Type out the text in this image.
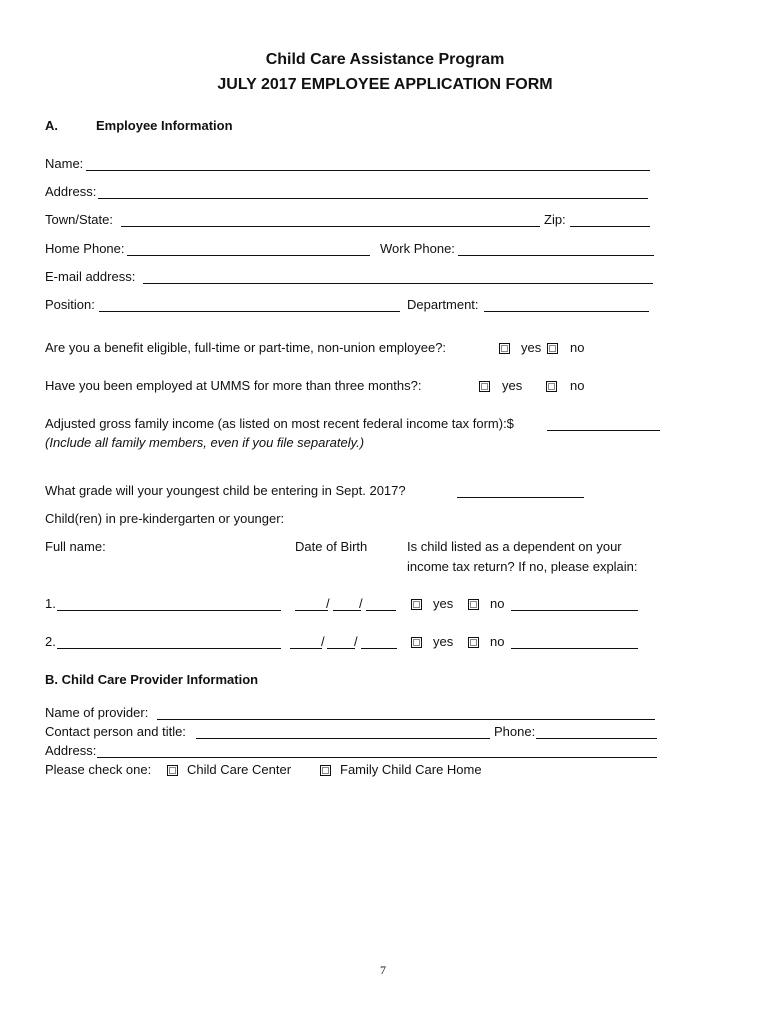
Child Care Assistance Program
JULY 2017 EMPLOYEE APPLICATION FORM
A.	Employee Information
Name:
Address:
Town/State:	Zip:
Home Phone:	Work Phone:
E-mail address:
Position:	Department:
Are you a benefit eligible, full-time or part-time, non-union employee?:	yes no
Have you been employed at UMMS for more than three months?:	yes	no
Adjusted gross family income (as listed on most recent federal income tax form):$
(Include all family members, even if you file separately.)
What grade will your youngest child be entering in Sept. 2017?
Child(ren) in pre-kindergarten or younger:
Full name:	Date of Birth	Is child listed as a dependent on your
income tax return? If no, please explain:
1.	/ /	yes	no
2.	/ /	yes	no
B. Child Care Provider Information
Name of provider:
Contact person and title:	Phone:
Address:
Please check one:	Child Care Center	Family Child Care Home
7
